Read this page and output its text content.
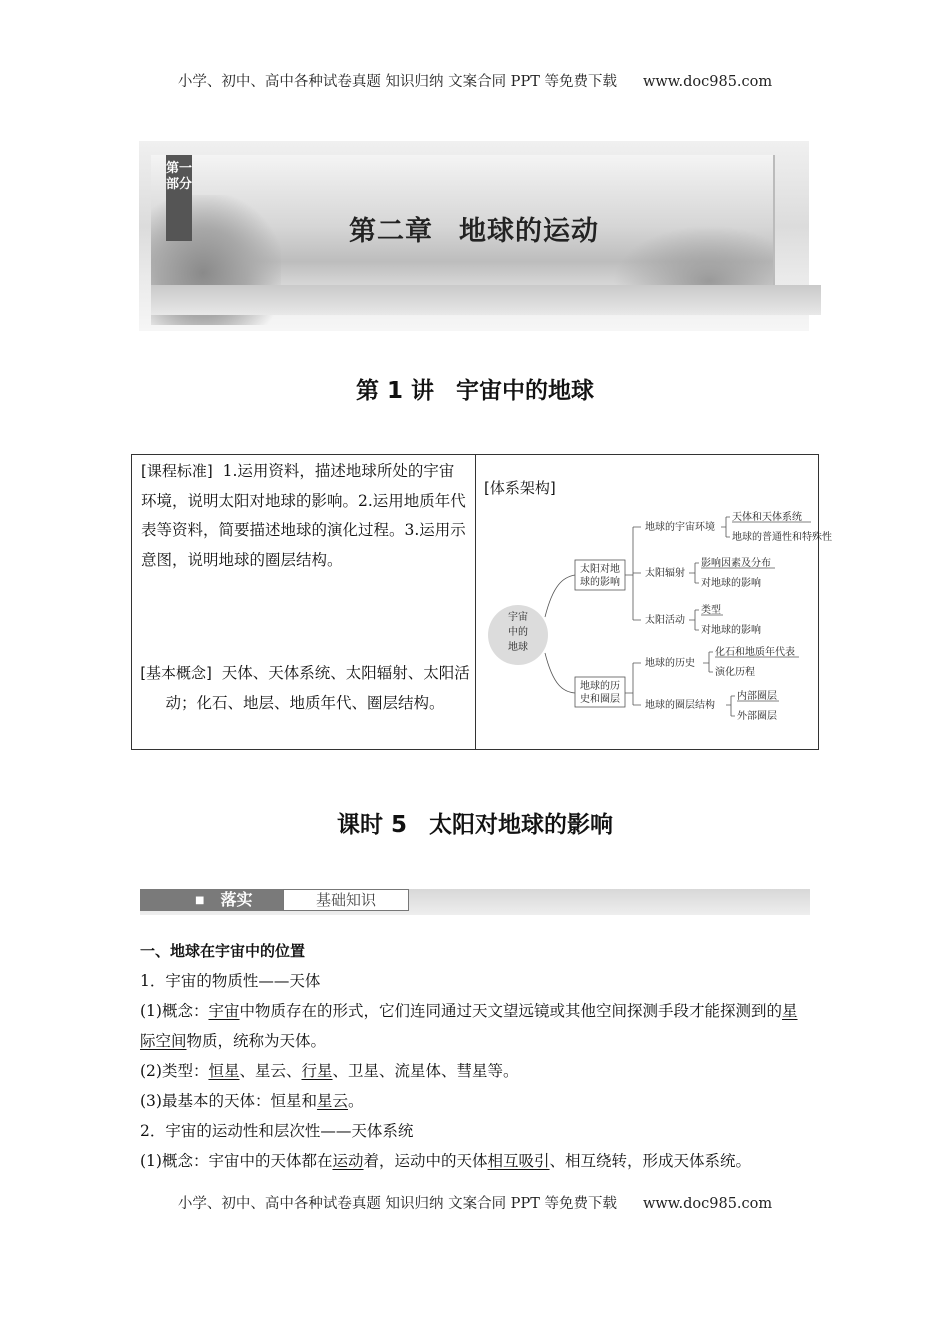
小学、初中、高中各种试卷真题 知识归纳 文案合同 PPT 等免费下载 www.doc985.com
第一部分
第二章 地球的运动
第 1 讲 宇宙中的地球
[课程标准] 1.运用资料，描述地球所处的宇宙环境，说明太阳对地球的影响。2.运用地质年代表等资料，简要描述地球的演化过程。3.运用示意图，说明地球的圈层结构。
[基本概念] 天体、天体系统、太阳辐射、太阳活动；化石、地层、地质年代、圈层结构。
[体系架构]
宇宙
中的
地球
太阳对地
球的影响
地球的历
史和圈层
地球的宇宙环境
太阳辐射
太阳活动
天体和天体系统
地球的普通性和特殊性
影响因素及分布
对地球的影响
类型
对地球的影响
地球的历史
地球的圈层结构
化石和地质年代表
演化历程
内部圈层
外部圈层
课时 5 太阳对地球的影响
■ 落实	基础知识

一、地球在宇宙中的位置

1．宇宙的物质性——天体

(1)概念：宇宙中物质存在的形式，它们连同通过天文望远镜或其他空间探测手段才能探测到的星际空间物质，统称为天体。

(2)类型：恒星、星云、行星、卫星、流星体、彗星等。

(3)最基本的天体：恒星和星云。

2．宇宙的运动性和层次性——天体系统

(1)概念：宇宙中的天体都在运动着，运动中的天体相互吸引、相互绕转，形成天体系统。

小学、初中、高中各种试卷真题 知识归纳 文案合同 PPT 等免费下载 www.doc985.com
